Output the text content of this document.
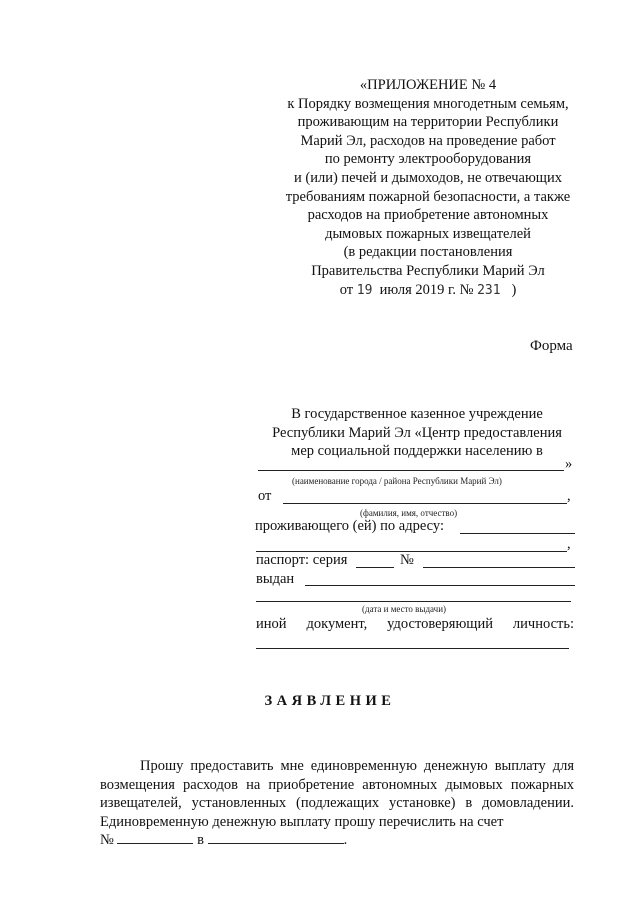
«ПРИЛОЖЕНИЕ № 4
к Порядку возмещения многодетным семьям,
проживающим на территории Республики
Марий Эл, расходов на проведение работ
по ремонту электрооборудования
и (или) печей и дымоходов, не отвечающих
требованиям пожарной безопасности, а также
расходов на приобретение автономных
дымовых пожарных извещателей
(в редакции постановления
Правительства Республики Марий Эл
от 19 июля 2019 г. № 231 )
Форма
В государственное казенное учреждение
Республики Марий Эл «Центр предоставления
мер социальной поддержки населению в
»
(наименование города / района Республики Марий Эл)
от	,
(фамилия, имя, отчество)
проживающего (ей) по адресу:
,
паспорт: серия	№
выдан
(дата и место выдачи)
иной документ, удостоверяющий личность:
ЗАЯВЛЕНИЕ

Прошу предоставить мне единовременную денежную выплату для возмещения расходов на приобретение автономных дымовых пожарных извещателей, установленных (подлежащих установке) в домовладении. Единовременную денежную выплату прошу перечислить на счет

№	в	.
